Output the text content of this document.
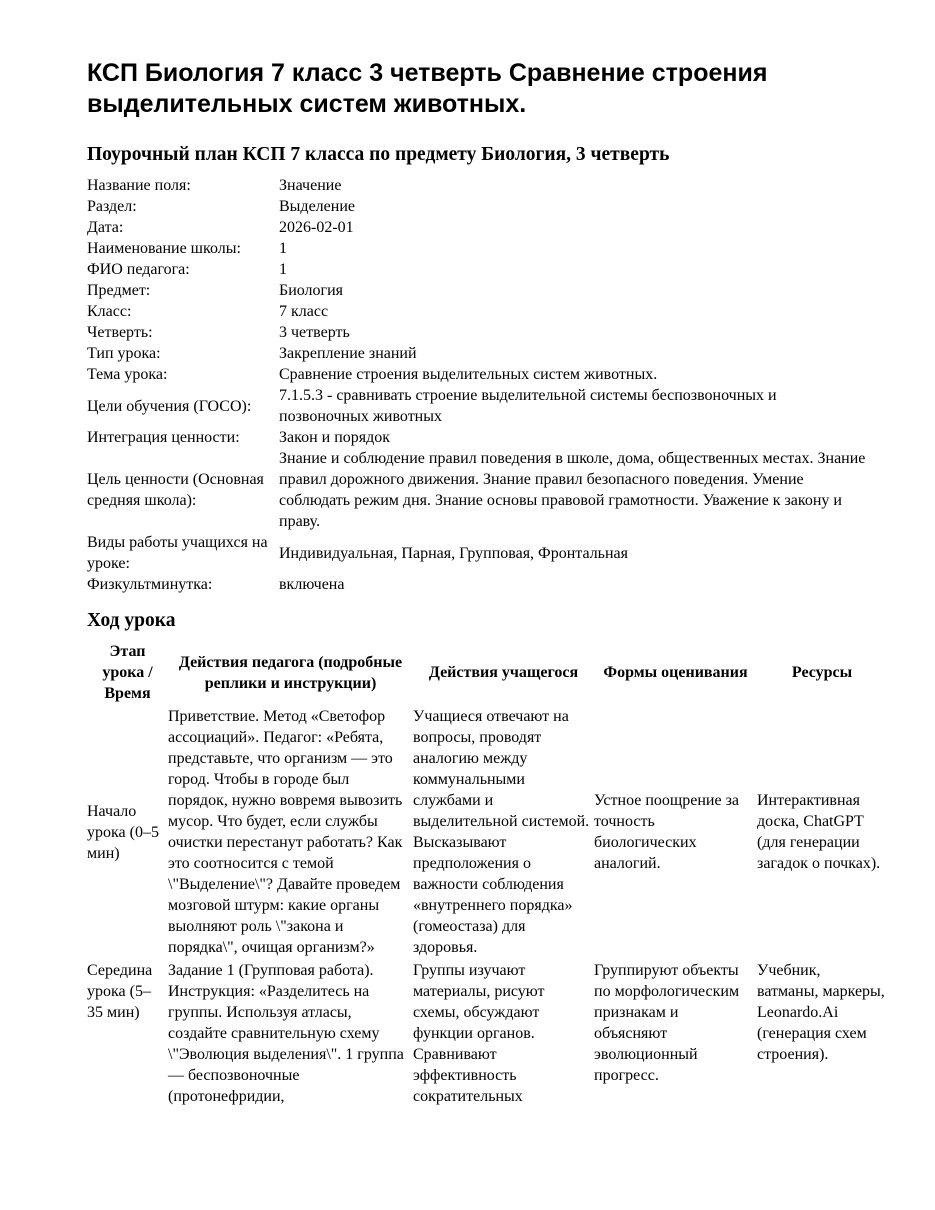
КСП Биология 7 класс 3 четверть Сравнение строения выделительных систем животных.
Поурочный план КСП 7 класса по предмету Биология, 3 четверть
Название поля:	Значение
Раздел:	Выделение
Дата:	2026-02-01
Наименование школы:	1
ФИО педагога:	1
Предмет:	Биология
Класс:	7 класс
Четверть:	3 четверть
Тип урока:	Закрепление знаний
Тема урока:	Сравнение строения выделительных систем животных.
Цели обучения (ГОСО):	7.1.5.3 - сравнивать строение выделительной системы беспозвоночных и позвоночных животных
Интеграция ценности:	Закон и порядок
Цель ценности (Основная средняя школа):	Знание и соблюдение правил поведения в школе, дома, общественных местах. Знание правил дорожного движения. Знание правил безопасного поведения. Умение соблюдать режим дня. Знание основы правовой грамотности. Уважение к закону и праву.
Виды работы учащихся на уроке:	Индивидуальная, Парная, Групповая, Фронтальная
Физкультминутка:	включена
Ход урока
Этап урока / Время	Действия педагога (подробные реплики и инструкции)	Действия учащегося	Формы оценивания	Ресурсы
Начало урока (0–5 мин)	Приветствие. Метод «Светофор ассоциаций». Педагог: «Ребята, представьте, что организм — это город. Чтобы в городе был порядок, нужно вовремя вывозить мусор. Что будет, если службы очистки перестанут работать? Как это соотносится с темой \"Выделение\"? Давайте проведем мозговой штурм: какие органы выолняют роль \"закона и порядка\", очищая организм?»	Учащиеся отвечают на вопросы, проводят аналогию между коммунальными службами и выделительной системой. Высказывают предположения о важности соблюдения «внутреннего порядка» (гомеостаза) для здоровья.	Устное поощрение за точность биологических аналогий.	Интерактивная доска, ChatGPT (для генерации загадок о почках).
Середина урока (5–35 мин)	Задание 1 (Групповая работа). Инструкция: «Разделитесь на группы. Используя атласы, создайте сравнительную схему \"Эволюция выделения\". 1 группа — беспозвоночные (протонефридии,	Группы изучают материалы, рисуют схемы, обсуждают функции органов. Сравнивают эффективность сократительных	Группируют объекты по морфологическим признакам и объясняют эволюционный прогресс.	Учебник, ватманы, маркеры, Leonardo.Ai (генерация схем строения).
